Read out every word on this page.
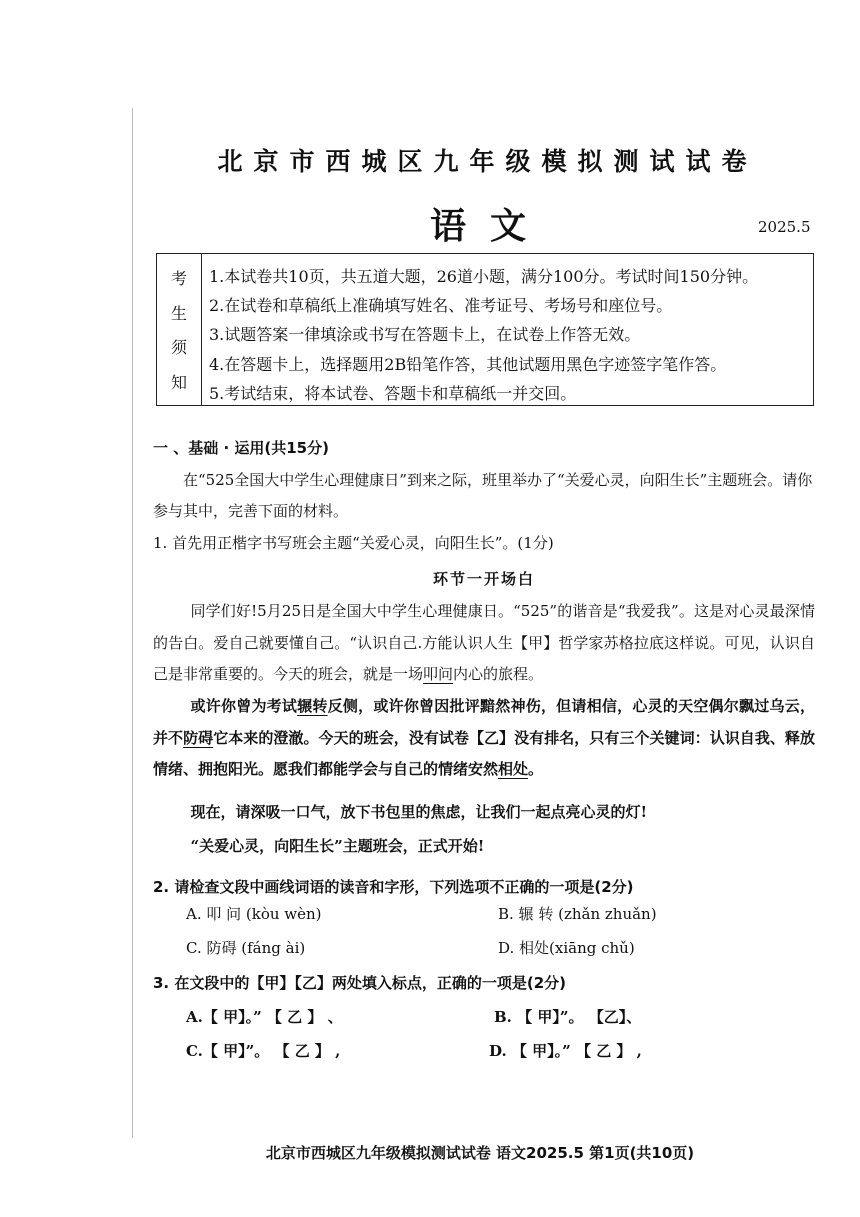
北京市西城区九年级模拟测试试卷
语文	2025.5
考
生
须
知
1.本试卷共10页，共五道大题，26道小题，满分100分。考试时间150分钟。
2.在试卷和草稿纸上准确填写姓名、准考证号、考场号和座位号。
3.试题答案一律填涂或书写在答题卡上，在试卷上作答无效。
4.在答题卡上，选择题用2B铅笔作答，其他试题用黑色字迹签字笔作答。
5.考试结束，将本试卷、答题卡和草稿纸一并交回。
一 、基础 · 运用(共15分)
在“525全国大中学生心理健康日”到来之际，班里举办了“关爱心灵，向阳生长”主题班会。请你参与其中，完善下面的材料。
1. 首先用正楷字书写班会主题“关爱心灵，向阳生长”。(1分)
环节一开场白
同学们好!5月25日是全国大中学生心理健康日。“525”的谐音是“我爱我”。这是对心灵最深情的告白。爱自己就要懂自己。“认识自己.方能认识人生【甲】哲学家苏格拉底这样说。可见，认识自己是非常重要的。今天的班会，就是一场叩问内心的旅程。
或许你曾为考试辗转反侧，或许你曾因批评黯然神伤，但请相信，心灵的天空偶尔飘过乌云，并不防碍它本来的澄澈。今天的班会，没有试卷【乙】没有排名，只有三个关键词：认识自我、释放情绪、拥抱阳光。愿我们都能学会与自己的情绪安然相处。
现在，请深吸一口气，放下书包里的焦虑，让我们一起点亮心灵的灯!
“关爱心灵，向阳生长”主题班会，正式开始!
2. 请检查文段中画线词语的读音和字形，下列选项不正确的一项是(2分)
A. 叩 问 (kòu wèn)	B. 辗 转 (zhǎn zhuǎn)
C. 防碍 (fáng ài)	D. 相处(xiāng chǔ)
3. 在文段中的【甲】【乙】两处填入标点，正确的一项是(2分)
A.【 甲】。” 【 乙 】 、	B. 【 甲】”。 【乙】、
C.【 甲】”。 【 乙 】 ,	D. 【 甲】。” 【 乙 】 ,
北京市西城区九年级模拟测试试卷 语文2025.5 第1页(共10页)
